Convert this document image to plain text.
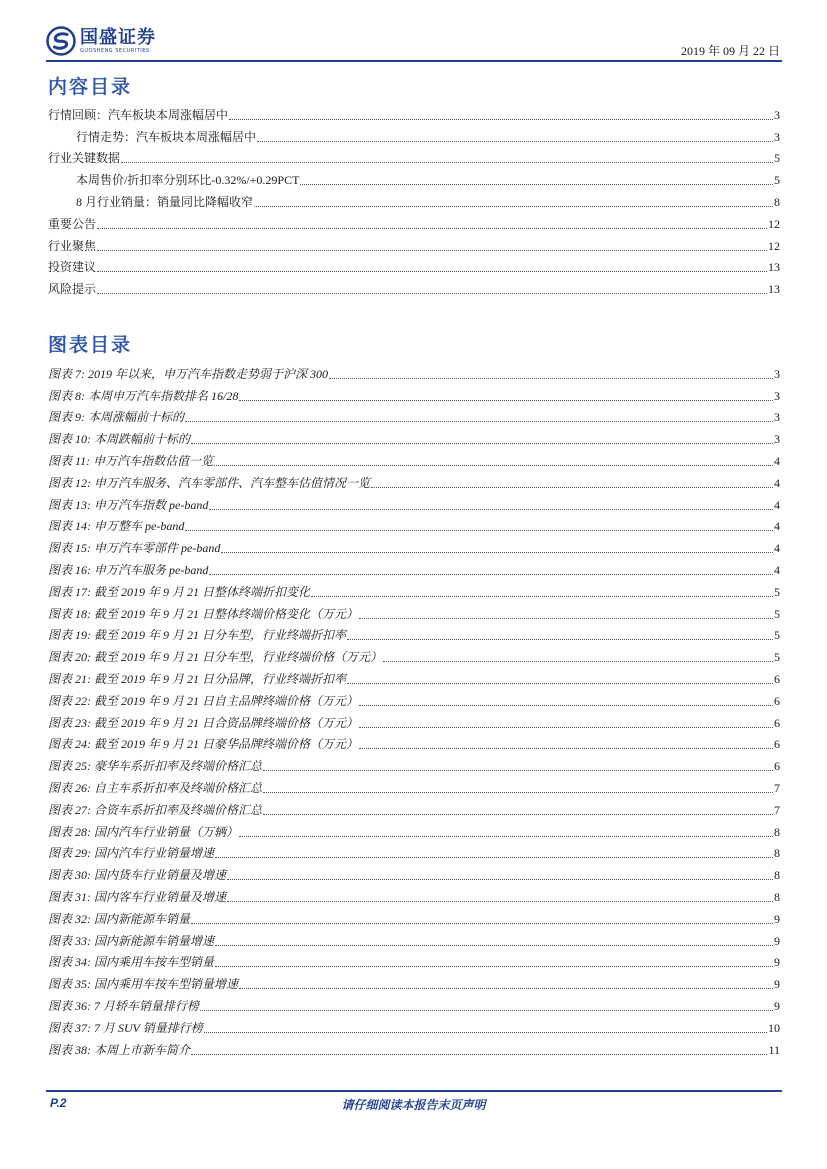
国盛证券
GUOSHENG SECURITIES	2019 年 09 月 22 日
内容目录
行情回顾：汽车板块本周涨幅居中	3
行情走势：汽车板块本周涨幅居中	3
行业关键数据	5
本周售价/折扣率分别环比-0.32%/+0.29PCT	5
8 月行业销量：销量同比降幅收窄	8
重要公告	12
行业聚焦	12
投资建议	13
风险提示	13
图表目录
图表 7: 2019 年以来，申万汽车指数走势弱于沪深 300	3
图表 8: 本周申万汽车指数排名 16/28	3
图表 9: 本周涨幅前十标的	3
图表 10: 本周跌幅前十标的	3
图表 11: 申万汽车指数估值一览	4
图表 12: 申万汽车服务、汽车零部件、汽车整车估值情况一览	4
图表 13: 申万汽车指数 pe-band	4
图表 14: 申万整车 pe-band	4
图表 15: 申万汽车零部件 pe-band	4
图表 16: 申万汽车服务 pe-band	4
图表 17: 截至 2019 年 9 月 21 日整体终端折扣变化	5
图表 18: 截至 2019 年 9 月 21 日整体终端价格变化（万元）	5
图表 19: 截至 2019 年 9 月 21 日分车型，行业终端折扣率	5
图表 20: 截至 2019 年 9 月 21 日分车型，行业终端价格（万元）	5
图表 21: 截至 2019 年 9 月 21 日分品牌，行业终端折扣率	6
图表 22: 截至 2019 年 9 月 21 日自主品牌终端价格（万元）	6
图表 23: 截至 2019 年 9 月 21 日合资品牌终端价格（万元）	6
图表 24: 截至 2019 年 9 月 21 日豪华品牌终端价格（万元）	6
图表 25: 豪华车系折扣率及终端价格汇总	6
图表 26: 自主车系折扣率及终端价格汇总	7
图表 27: 合资车系折扣率及终端价格汇总	7
图表 28: 国内汽车行业销量（万辆）	8
图表 29: 国内汽车行业销量增速	8
图表 30: 国内货车行业销量及增速	8
图表 31: 国内客车行业销量及增速	8
图表 32: 国内新能源车销量	9
图表 33: 国内新能源车销量增速	9
图表 34: 国内乘用车按车型销量	9
图表 35: 国内乘用车按车型销量增速	9
图表 36: 7 月轿车销量排行榜	9
图表 37: 7 月 SUV 销量排行榜	10
图表 38: 本周上市新车简介	11
P.2	请仔细阅读本报告末页声明
